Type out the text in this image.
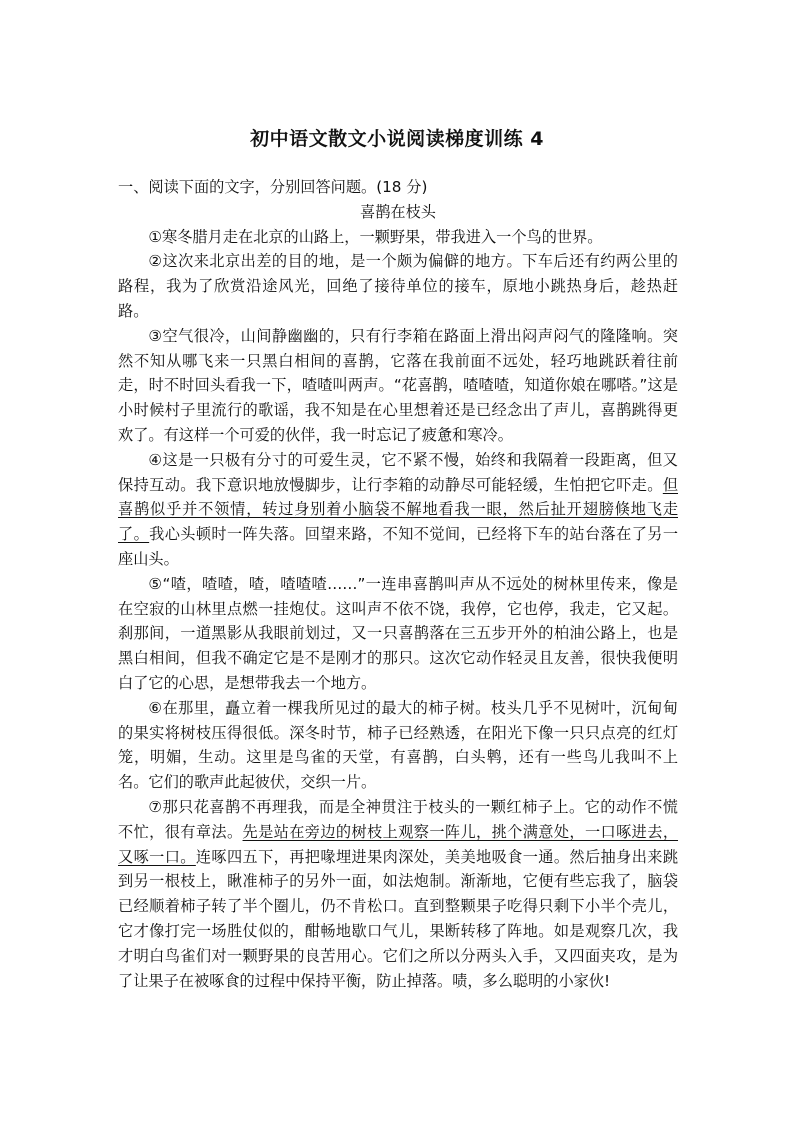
初中语文散文小说阅读梯度训练 4

一、阅读下面的文字，分别回答问题。(18 分)

喜鹊在枝头

①寒冬腊月走在北京的山路上，一颗野果，带我进入一个鸟的世界。

②这次来北京出差的目的地，是一个颇为偏僻的地方。下车后还有约两公里的路程，我为了欣赏沿途风光，回绝了接待单位的接车，原地小跳热身后，趁热赶路。

③空气很冷，山间静幽幽的，只有行李箱在路面上滑出闷声闷气的隆隆响。突然不知从哪飞来一只黑白相间的喜鹊，它落在我前面不远处，轻巧地跳跃着往前走，时不时回头看我一下，喳喳叫两声。“花喜鹊，喳喳喳，知道你娘在哪嗒。”这是小时候村子里流行的歌谣，我不知是在心里想着还是已经念出了声儿，喜鹊跳得更欢了。有这样一个可爱的伙伴，我一时忘记了疲惫和寒冷。

④这是一只极有分寸的可爱生灵，它不紧不慢，始终和我隔着一段距离，但又保持互动。我下意识地放慢脚步，让行李箱的动静尽可能轻缓，生怕把它吓走。但喜鹊似乎并不领情，转过身别着小脑袋不解地看我一眼，然后扯开翅膀倏地飞走了。我心头顿时一阵失落。回望来路，不知不觉间，已经将下车的站台落在了另一座山头。

⑤“喳，喳喳，喳，喳喳喳……”一连串喜鹊叫声从不远处的树林里传来，像是在空寂的山林里点燃一挂炮仗。这叫声不依不饶，我停，它也停，我走，它又起。刹那间，一道黑影从我眼前划过，又一只喜鹊落在三五步开外的柏油公路上，也是黑白相间，但我不确定它是不是刚才的那只。这次它动作轻灵且友善，很快我便明白了它的心思，是想带我去一个地方。

⑥在那里，矗立着一棵我所见过的最大的柿子树。枝头几乎不见树叶，沉甸甸的果实将树枝压得很低。深冬时节，柿子已经熟透，在阳光下像一只只点亮的红灯笼，明媚，生动。这里是鸟雀的天堂，有喜鹊，白头鹎，还有一些鸟儿我叫不上名。它们的歌声此起彼伏，交织一片。

⑦那只花喜鹊不再理我，而是全神贯注于枝头的一颗红柿子上。它的动作不慌不忙，很有章法。先是站在旁边的树枝上观察一阵儿，挑个满意处，一口啄进去，又啄一口。连啄四五下，再把喙埋进果肉深处，美美地吸食一通。然后抽身出来跳到另一根枝上，瞅准柿子的另外一面，如法炮制。渐渐地，它便有些忘我了，脑袋已经顺着柿子转了半个圈儿，仍不肯松口。直到整颗果子吃得只剩下小半个壳儿，它才像打完一场胜仗似的，酣畅地歇口气儿，果断转移了阵地。如是观察几次，我才明白鸟雀们对一颗野果的良苦用心。它们之所以分两头入手，又四面夹攻，是为了让果子在被啄食的过程中保持平衡，防止掉落。啧，多么聪明的小家伙!
